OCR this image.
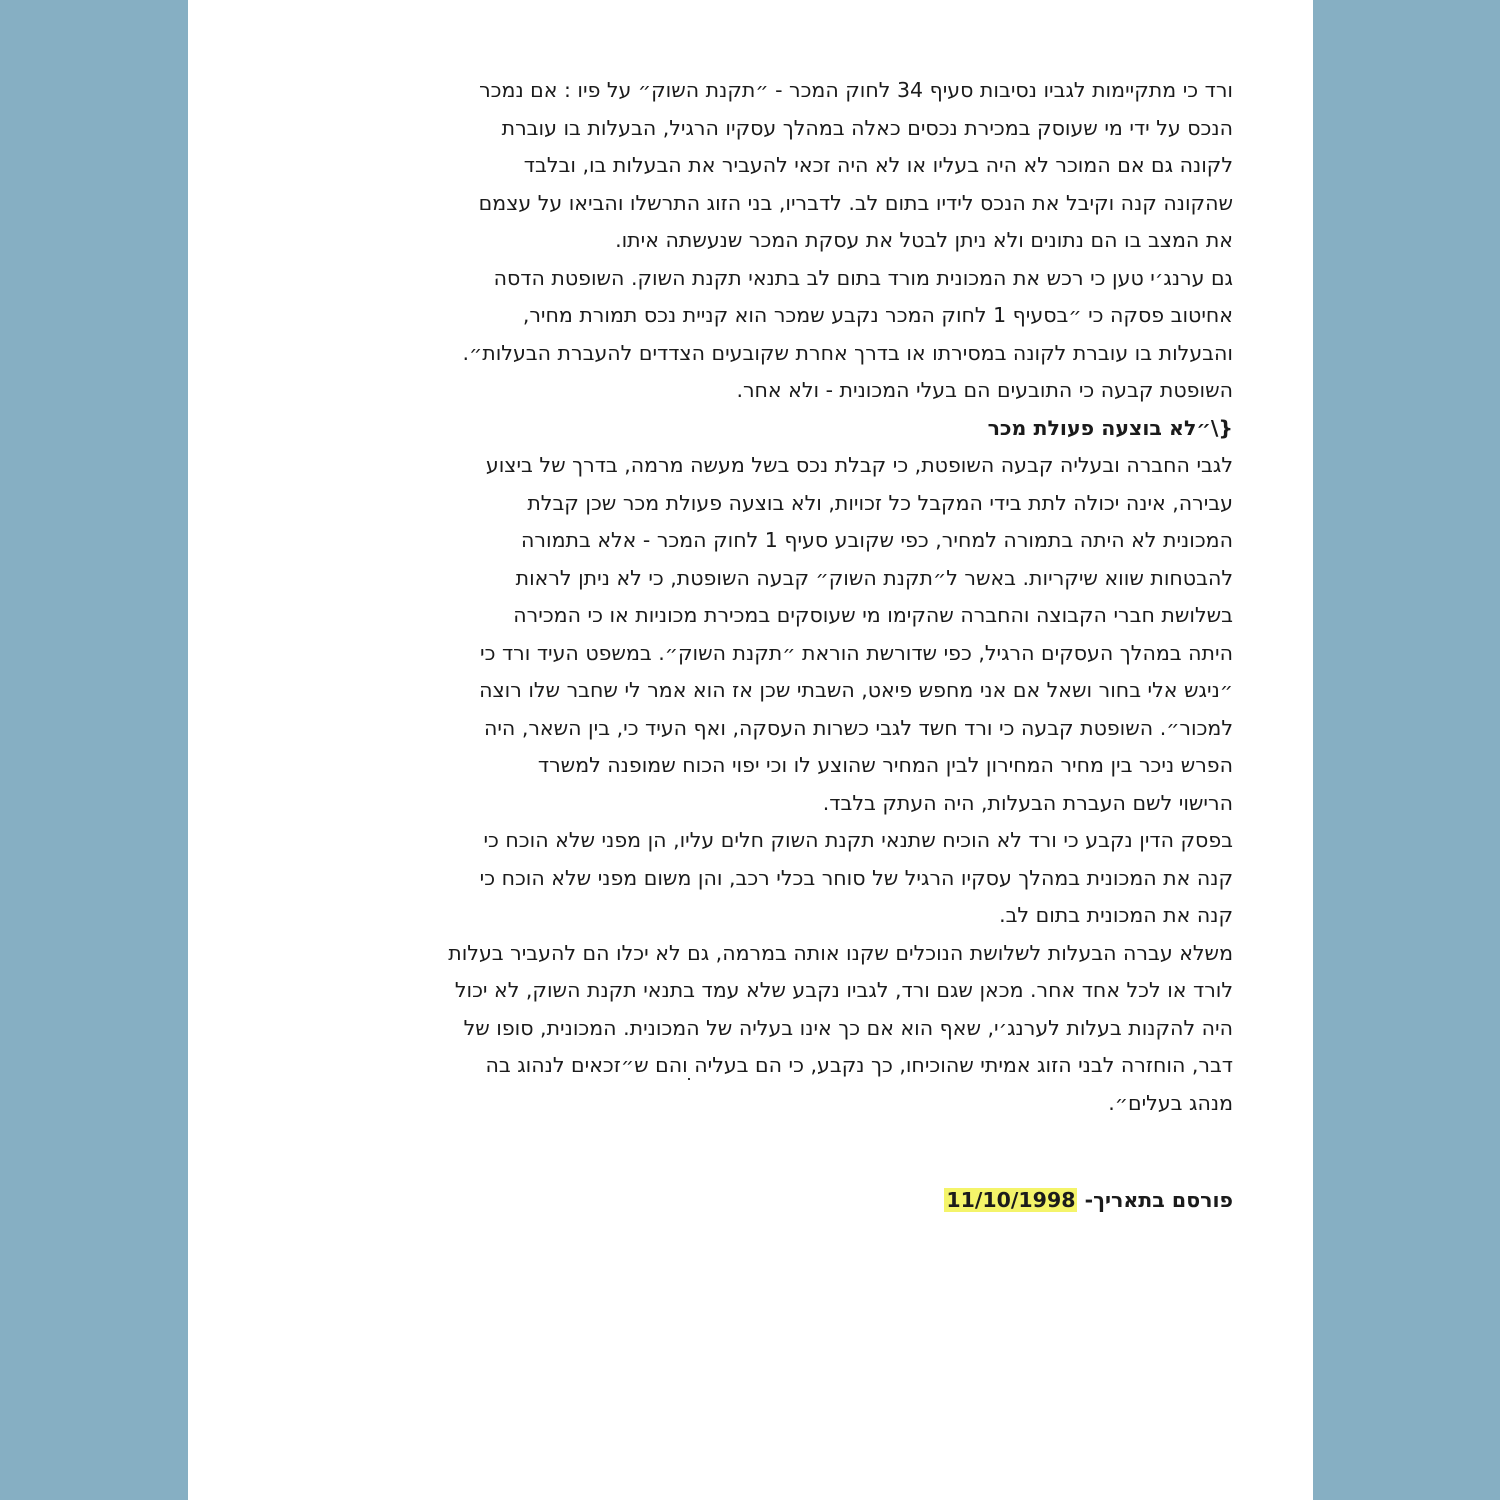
ורד כי מתקיימות לגביו נסיבות סעיף 34 לחוק המכר - ״תקנת השוק״ על פיו : אם נמכר
הנכס על ידי מי שעוסק במכירת נכסים כאלה במהלך עסקיו הרגיל, הבעלות בו עוברת
לקונה גם אם המוכר לא היה בעליו או לא היה זכאי להעביר את הבעלות בו, ובלבד
שהקונה קנה וקיבל את הנכס לידיו בתום לב. לדבריו, בני הזוג התרשלו והביאו על עצמם
את המצב בו הם נתונים ולא ניתן לבטל את עסקת המכר שנעשתה איתו.
גם ערנג׳י טען כי רכש את המכונית מורד בתום לב בתנאי תקנת השוק. השופטת הדסה
אחיטוב פסקה כי ״בסעיף 1 לחוק המכר נקבע שמכר הוא קניית נכס תמורת מחיר,
והבעלות בו עוברת לקונה במסירתו או בדרך אחרת שקובעים הצדדים להעברת הבעלות״.
השופטת קבעה כי התובעים הם בעלי המכונית - ולא אחר.
{\״לא בוצעה פעולת מכר
לגבי החברה ובעליה קבעה השופטת, כי קבלת נכס בשל מעשה מרמה, בדרך של ביצוע
עבירה, אינה יכולה לתת בידי המקבל כל זכויות, ולא בוצעה פעולת מכר שכן קבלת
המכונית לא היתה בתמורה למחיר, כפי שקובע סעיף 1 לחוק המכר - אלא בתמורה
להבטחות שווא שיקריות. באשר ל״תקנת השוק״ קבעה השופטת, כי לא ניתן לראות
בשלושת חברי הקבוצה והחברה שהקימו מי שעוסקים במכירת מכוניות או כי המכירה
היתה במהלך העסקים הרגיל, כפי שדורשת הוראת ״תקנת השוק״. במשפט העיד ורד כי
״ניגש אלי בחור ושאל אם אני מחפש פיאט, השבתי שכן אז הוא אמר לי שחבר שלו רוצה
למכור״. השופטת קבעה כי ורד חשד לגבי כשרות העסקה, ואף העיד כי, בין השאר, היה
הפרש ניכר בין מחיר המחירון לבין המחיר שהוצע לו וכי יפוי הכוח שמופנה למשרד
הרישוי לשם העברת הבעלות, היה העתק בלבד.
בפסק הדין נקבע כי ורד לא הוכיח שתנאי תקנת השוק חלים עליו, הן מפני שלא הוכח כי
קנה את המכונית במהלך עסקיו הרגיל של סוחר בכלי רכב, והן משום מפני שלא הוכח כי
קנה את המכונית בתום לב.
משלא עברה הבעלות לשלושת הנוכלים שקנו אותה במרמה, גם לא יכלו הם להעביר בעלות
לורד או לכל אחד אחר. מכאן שגם ורד, לגביו נקבע שלא עמד בתנאי תקנת השוק, לא יכול
היה להקנות בעלות לערנג׳י, שאף הוא אם כך אינו בעליה של המכונית. המכונית, סופו של
דבר, הוחזרה לבני הזוג אמיתי שהוכיחו, כך נקבע, כי הם בעליה והם ש״זכאים לנהוג בה
מנהג בעלים״.
פורסם בתאריך- 11/10/1998
